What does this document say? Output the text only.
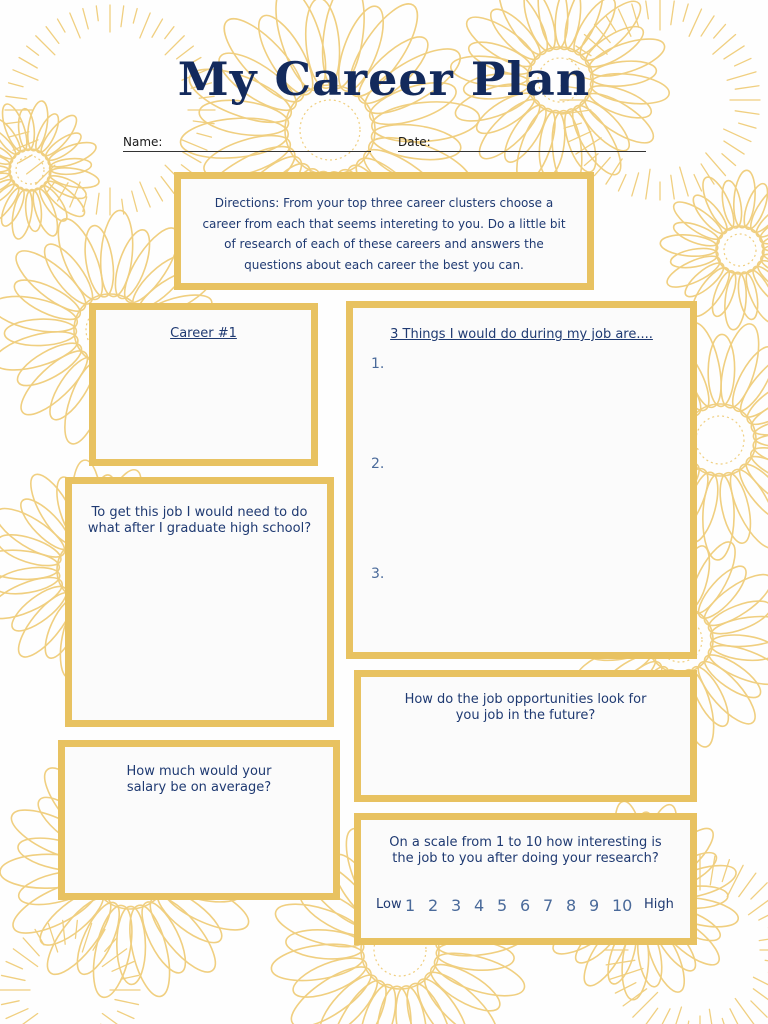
My Career Plan
Name:	Date:
Directions: From your top three career clusters choose a career from each that seems intereting to you. Do a little bit of research of each of these careers and answers the questions about each career the best you can.
Career #1	3 Things I would do during my job are....
1.
2.
3.
To get this job I would need to do what after I graduate high school?
How do the job opportunities look for you job in the future?
How much would your salary be on average?
On a scale from 1 to 10 how interesting is the job to you after doing your research?
Low 1 2 3 4 5 6 7 8 9 10 High
